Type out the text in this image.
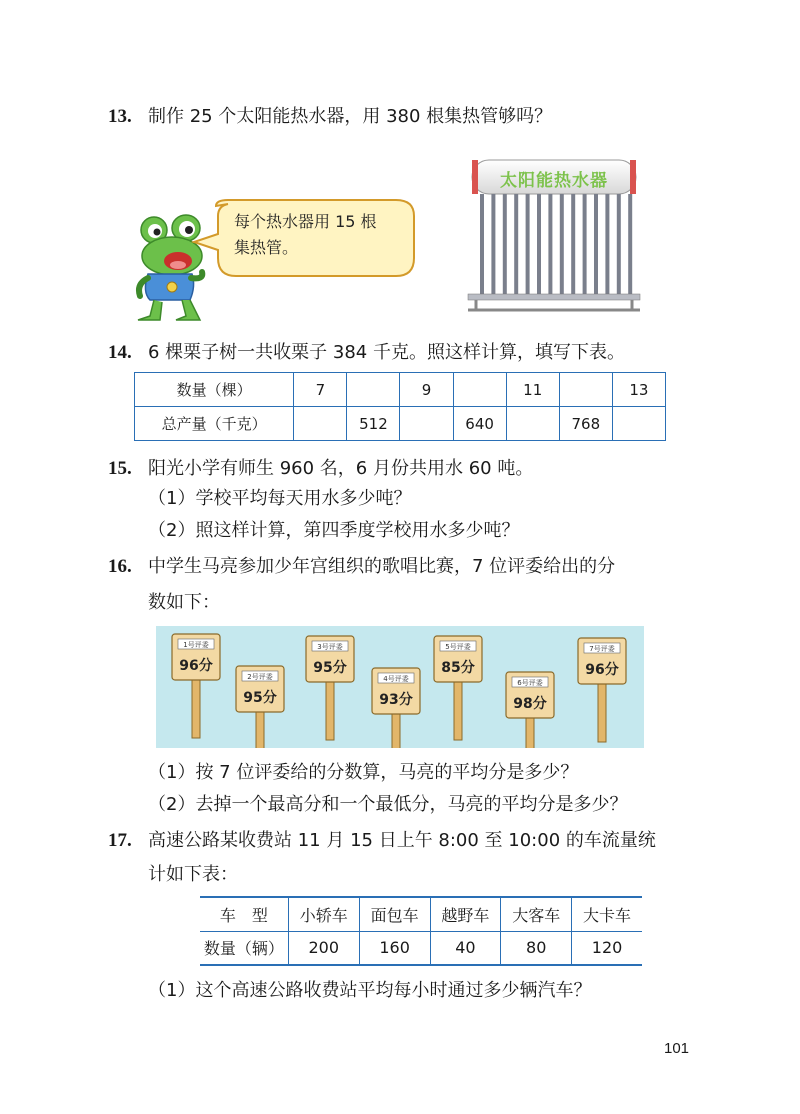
13. 制作 25 个太阳能热水器，用 380 根集热管够吗？
每个热水器用 15 根
集热管。
太阳能热水器
14. 6 棵栗子树一共收栗子 384 千克。照这样计算，填写下表。
数量（棵）	7		9		11		13
总产量（千克）		512		640		768	
15. 阳光小学有师生 960 名，6 月份共用水 60 吨。
（1）学校平均每天用水多少吨？
（2）照这样计算，第四季度学校用水多少吨？
16. 中学生马亮参加少年宫组织的歌唱比赛，7 位评委给出的分
数如下：
1号评委
96分
2号评委
95分
3号评委
95分
4号评委
93分
5号评委
85分
6号评委
98分
7号评委
96分
（1）按 7 位评委给的分数算，马亮的平均分是多少？
（2）去掉一个最高分和一个最低分，马亮的平均分是多少？
17. 高速公路某收费站 11 月 15 日上午 8:00 至 10:00 的车流量统
计如下表：
车　型	小轿车	面包车	越野车	大客车	大卡车
数量（辆）	200	160	40	80	120
（1）这个高速公路收费站平均每小时通过多少辆汽车？
101
